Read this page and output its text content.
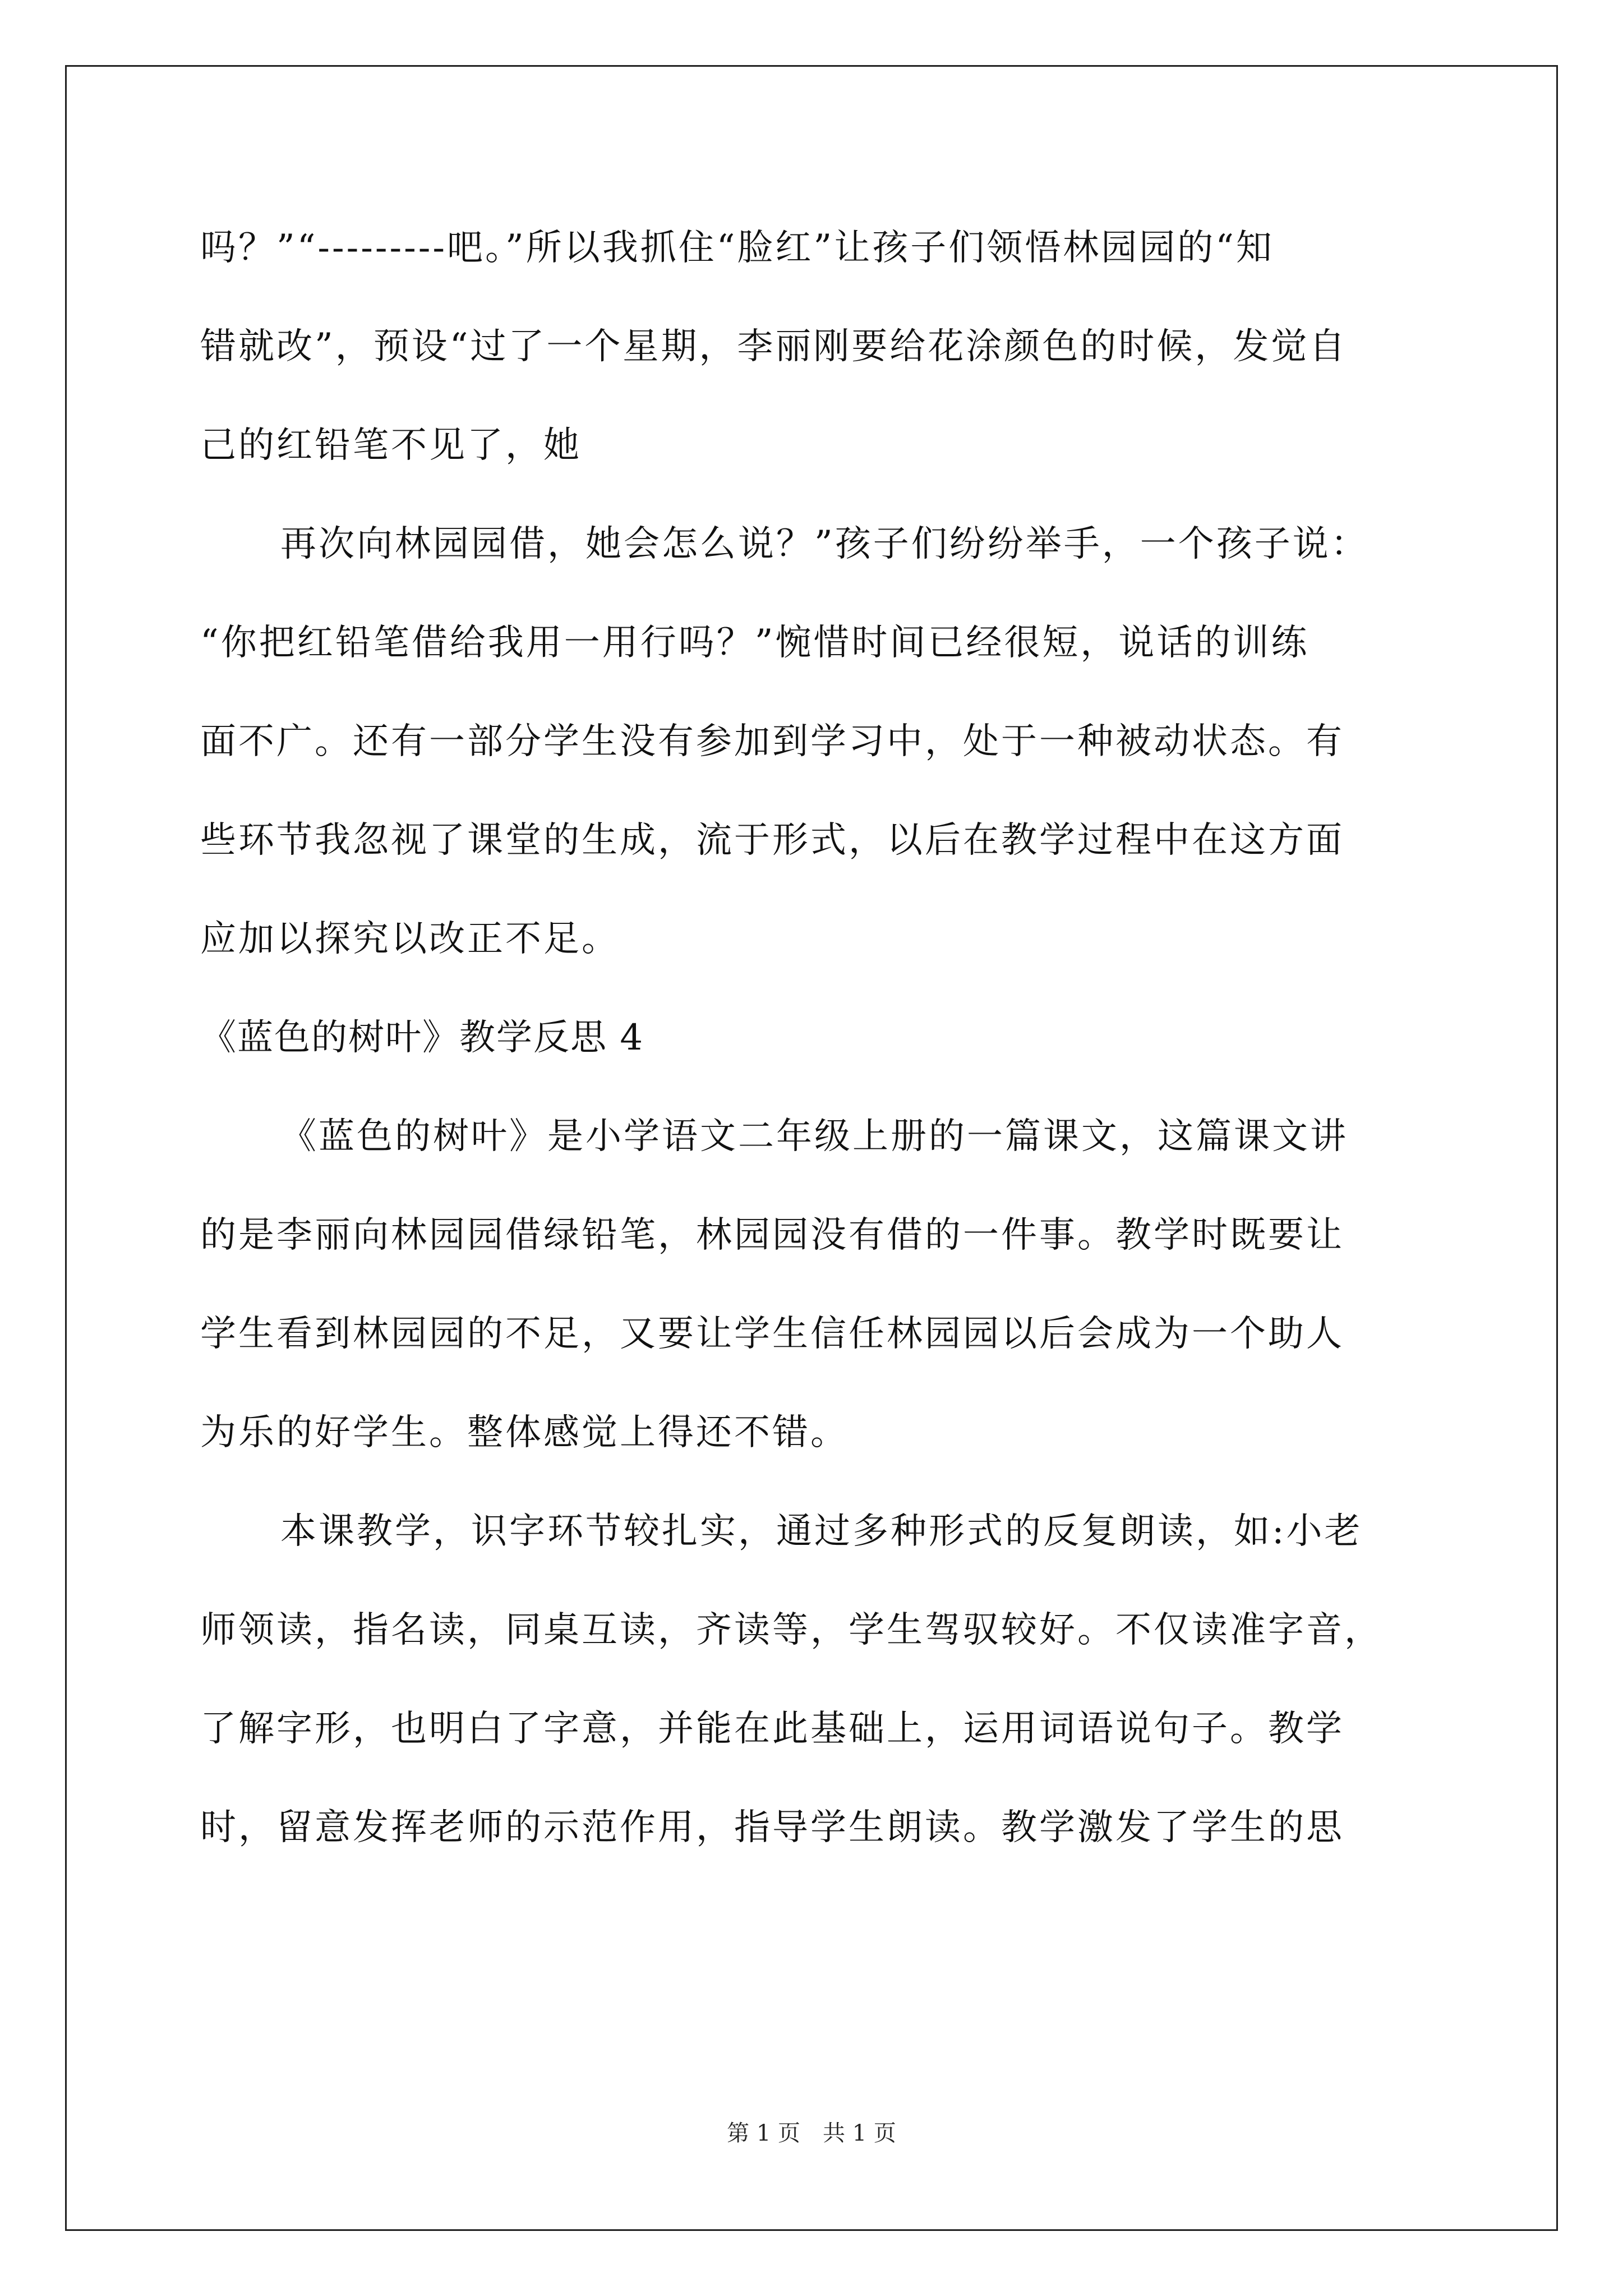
吗？”“---------吧。”所以我抓住“脸红”让孩子们领悟林园园的“知
错就改”，预设“过了一个星期，李丽刚要给花涂颜色的时候，发觉自
己的红铅笔不见了，她
再次向林园园借，她会怎么说？”孩子们纷纷举手，一个孩子说：
“你把红铅笔借给我用一用行吗？”惋惜时间已经很短，说话的训练
面不广。还有一部分学生没有参加到学习中，处于一种被动状态。有
些环节我忽视了课堂的生成，流于形式，以后在教学过程中在这方面
应加以探究以改正不足。
《蓝色的树叶》教学反思 4
《蓝色的树叶》是小学语文二年级上册的一篇课文，这篇课文讲
的是李丽向林园园借绿铅笔，林园园没有借的一件事。教学时既要让
学生看到林园园的不足，又要让学生信任林园园以后会成为一个助人
为乐的好学生。整体感觉上得还不错。
本课教学，识字环节较扎实，通过多种形式的反复朗读，如:小老
师领读，指名读，同桌互读，齐读等，学生驾驭较好。不仅读准字音，
了解字形，也明白了字意，并能在此基础上，运用词语说句子。教学
时，留意发挥老师的示范作用，指导学生朗读。教学激发了学生的思
第 1 页　共 1 页
